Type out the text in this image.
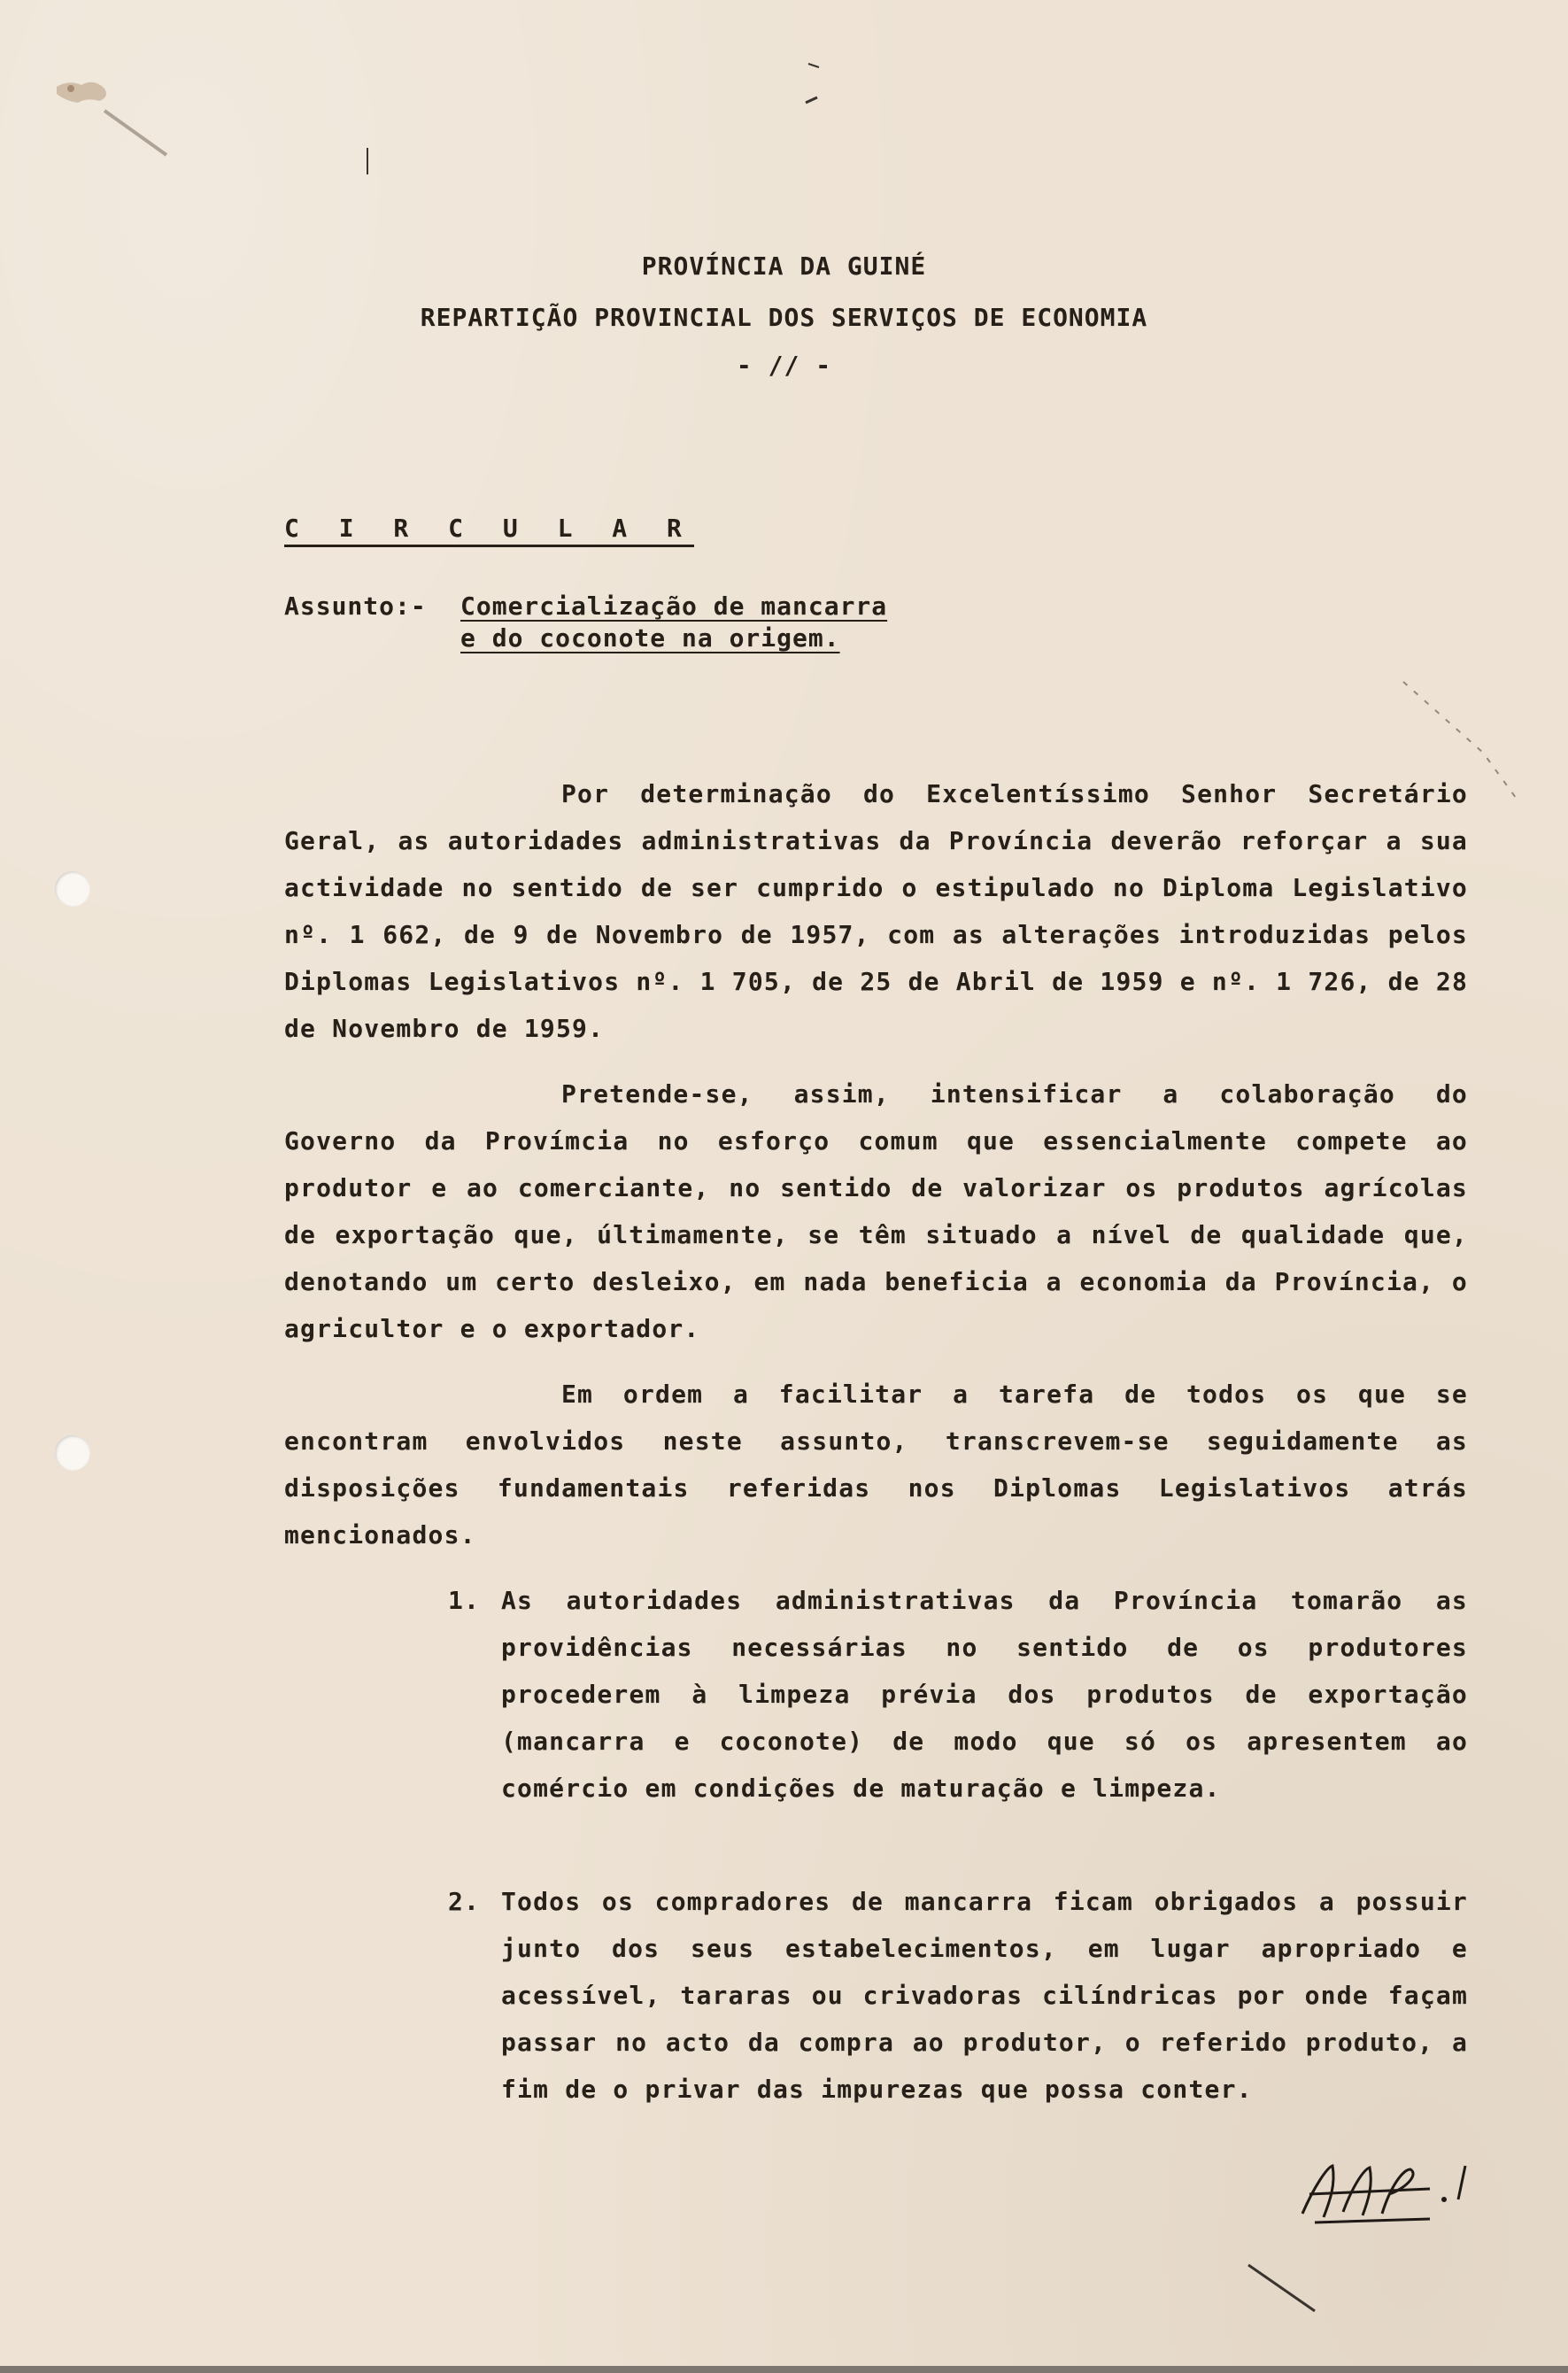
PROVÍNCIA DA GUINÉ
REPARTIÇÃO PROVINCIAL DOS SERVIÇOS DE ECONOMIA
- // -
C I R C U L A R
Assunto:- Comercialização de mancarra
e do coconote na origem.

Por determinação do Excelentíssimo Senhor Secretário Geral, as autoridades administrativas da Província deverão reforçar a sua actividade no sentido de ser cumprido o estipulado no Diploma Legislativo nº. 1 662, de 9 de Novembro de 1957, com as alterações introduzidas pelos Diplomas Legislativos nº. 1 705, de 25 de Abril de 1959 e nº. 1 726, de 28 de Novembro de 1959.

Pretende-se, assim, intensificar a colaboração do Governo da Provímcia no esforço comum que essencialmente compete ao produtor e ao comerciante, no sentido de valorizar os produtos agrícolas de exportação que, últimamente, se têm situado a nível de qualidade que, denotando um certo desleixo, em nada beneficia a economia da Província, o agricultor e o exportador.

Em ordem a facilitar a tarefa de todos os que se encontram envolvidos neste assunto, transcrevem-se seguidamente as disposições fundamentais referidas nos Diplomas Legislativos atrás mencionados.

1. As autoridades administrativas da Província tomarão as providências necessárias no sentido de os produtores procederem à limpeza prévia dos produtos de exportação (mancarra e coconote) de modo que só os apresentem ao comércio em condições de maturação e limpeza.
2. Todos os compradores de mancarra ficam obrigados a possuir junto dos seus estabelecimentos, em lugar apropriado e acessível, tararas ou crivadoras cilíndricas por onde façam passar no acto da compra ao produtor, o referido produto, a fim de o privar das impurezas que possa conter.
